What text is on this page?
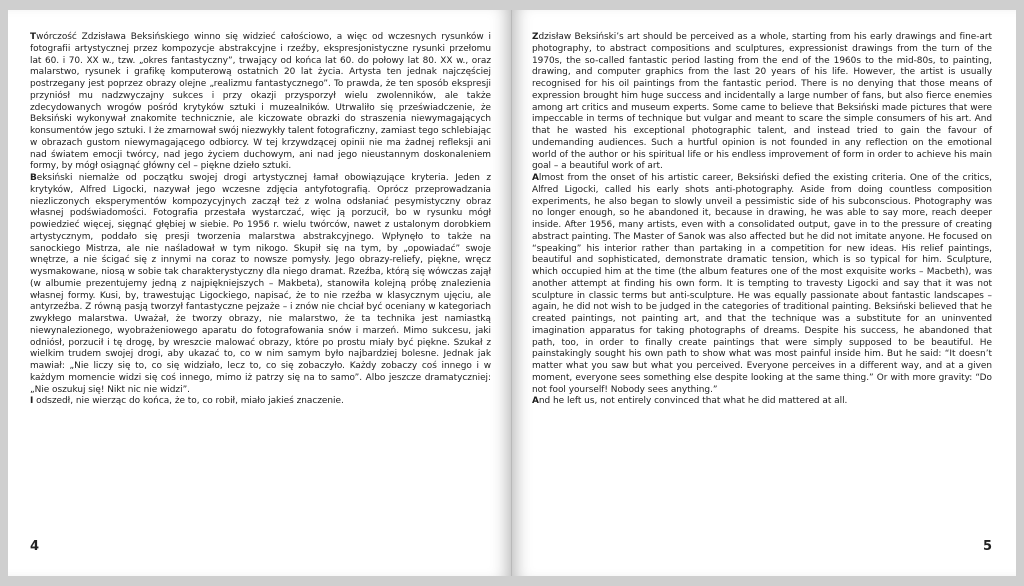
Twórczość Zdzisława Beksińskiego winno się widzieć całościowo, a więc od wczesnych rysunków i fotografii artystycznej przez kompozycje abstrakcyjne i rzeźby, ekspresjonistyczne rysunki przełomu lat 60. i 70. XX w., tzw. „okres fantastyczny”, trwający od końca lat 60. do połowy lat 80. XX w., oraz malarstwo, rysunek i grafikę komputerową ostatnich 20 lat życia. Artysta ten jednak najczęściej postrzegany jest poprzez obrazy olejne „realizmu fantastycznego”. To prawda, że ten sposób ekspresji przyniósł mu nadzwyczajny sukces i przy okazji przysporzył wielu zwolenników, ale także zdecydowanych wrogów pośród krytyków sztuki i muzealników. Utrwaliło się przeświadczenie, że Beksiński wykonywał znakomite technicznie, ale kiczowate obrazki do straszenia niewymagających konsumentów jego sztuki. I że zmarnował swój niezwykły talent fotograficzny, zamiast tego schlebiając w obrazach gustom niewymagającego odbiorcy. W tej krzywdzącej opinii nie ma żadnej refleksji ani nad światem emocji twórcy, nad jego życiem duchowym, ani nad jego nieustannym doskonaleniem formy, by mógł osiągnąć główny cel – piękne dzieło sztuki.

Beksiński niemalże od początku swojej drogi artystycznej łamał obowiązujące kryteria. Jeden z krytyków, Alfred Ligocki, nazywał jego wczesne zdjęcia antyfotografią. Oprócz przeprowadzania niezliczonych eksperymentów kompozycyjnych zaczął też z wolna odsłaniać pesymistyczny obraz własnej podświadomości. Fotografia przestała wystarczać, więc ją porzucił, bo w rysunku mógł powiedzieć więcej, sięgnąć głębiej w siebie. Po 1956 r. wielu twórców, nawet z ustalonym dorobkiem artystycznym, poddało się presji tworzenia malarstwa abstrakcyjnego. Wpłynęło to także na sanockiego Mistrza, ale nie naśladował w tym nikogo. Skupił się na tym, by „opowiadać” swoje wnętrze, a nie ścigać się z innymi na coraz to nowsze pomysły. Jego obrazy-reliefy, piękne, wręcz wysmakowane, niosą w sobie tak charakterystyczny dla niego dramat. Rzeźba, którą się wówczas zajął (w albumie prezentujemy jedną z najpiękniejszych – Makbeta), stanowiła kolejną próbę znalezienia własnej formy. Kusi, by, trawestując Ligockiego, napisać, że to nie rzeźba w klasycznym ujęciu, ale antyrzeźba. Z równą pasją tworzył fantastyczne pejzaże – i znów nie chciał być oceniany w kategoriach zwykłego malarstwa. Uważał, że tworzy obrazy, nie malarstwo, że ta technika jest namiastką niewynalezionego, wyobrażeniowego aparatu do fotografowania snów i marzeń. Mimo sukcesu, jaki odniósł, porzucił i tę drogę, by wreszcie malować obrazy, które po prostu miały być piękne. Szukał z wielkim trudem swojej drogi, aby ukazać to, co w nim samym było najbardziej bolesne. Jednak jak mawiał: „Nie liczy się to, co się widziało, lecz to, co się zobaczyło. Każdy zobaczy coś innego i w każdym momencie widzi się coś innego, mimo iż patrzy się na to samo”. Albo jeszcze dramatyczniej: „Nie oszukuj się! Nikt nic nie widzi”.

I odszedł, nie wierząc do końca, że to, co robił, miało jakieś znaczenie.

4

Zdzisław Beksiński’s art should be perceived as a whole, starting from his early drawings and fine-art photography, to abstract compositions and sculptures, expressionist drawings from the turn of the 1970s, the so-called fantastic period lasting from the end of the 1960s to the mid-80s, to painting, drawing, and computer graphics from the last 20 years of his life. However, the artist is usually recognised for his oil paintings from the fantastic period. There is no denying that those means of expression brought him huge success and incidentally a large number of fans, but also fierce enemies among art critics and museum experts. Some came to believe that Beksiński made pictures that were impeccable in terms of technique but vulgar and meant to scare the simple consumers of his art. And that he wasted his exceptional photographic talent, and instead tried to gain the favour of undemanding audiences. Such a hurtful opinion is not founded in any reflection on the emotional world of the author or his spiritual life or his endless improvement of form in order to achieve his main goal – a beautiful work of art.

Almost from the onset of his artistic career, Beksiński defied the existing criteria. One of the critics, Alfred Ligocki, called his early shots anti-photography. Aside from doing countless composition experiments, he also began to slowly unveil a pessimistic side of his subconscious. Photography was no longer enough, so he abandoned it, because in drawing, he was able to say more, reach deeper inside. After 1956, many artists, even with a consolidated output, gave in to the pressure of creating abstract painting. The Master of Sanok was also affected but he did not imitate anyone. He focused on “speaking” his interior rather than partaking in a competition for new ideas. His relief paintings, beautiful and sophisticated, demonstrate dramatic tension, which is so typical for him. Sculpture, which occupied him at the time (the album features one of the most exquisite works – Macbeth), was another attempt at finding his own form. It is tempting to travesty Ligocki and say that it was not sculpture in classic terms but anti-sculpture. He was equally passionate about fantastic landscapes – again, he did not wish to be judged in the categories of traditional painting. Beksiński believed that he created paintings, not painting art, and that the technique was a substitute for an uninvented imagination apparatus for taking photographs of dreams. Despite his success, he abandoned that path, too, in order to finally create paintings that were simply supposed to be beautiful. He painstakingly sought his own path to show what was most painful inside him. But he said: “It doesn’t matter what you saw but what you perceived. Everyone perceives in a different way, and at a given moment, everyone sees something else despite looking at the same thing.” Or with more gravity: “Do not fool yourself! Nobody sees anything.”

And he left us, not entirely convinced that what he did mattered at all.

5
